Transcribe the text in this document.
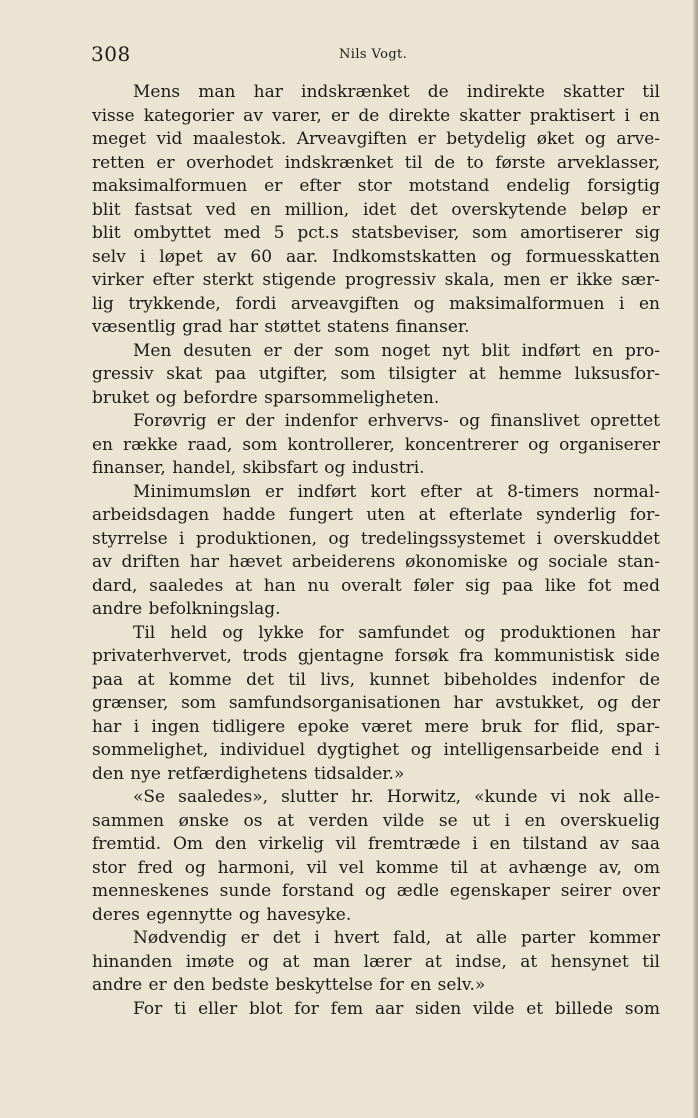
308	Nils Vogt.

Mens man har indskrænket de indirekte skatter til
visse kategorier av varer, er de direkte skatter praktisert i en
meget vid maalestok. Arveavgiften er betydelig øket og arve-
retten er overhodet indskrænket til de to første arveklasser,
maksimalformuen er efter stor motstand endelig forsigtig
blit fastsat ved en million, idet det overskytende beløp er
blit ombyttet med 5 pct.s statsbeviser, som amortiserer sig
selv i løpet av 60 aar. Indkomstskatten og formuesskatten
virker efter sterkt stigende progressiv skala, men er ikke sær-
lig trykkende, fordi arveavgiften og maksimalformuen i en
væsentlig grad har støttet statens finanser.

Men desuten er der som noget nyt blit indført en pro-
gressiv skat paa utgifter, som tilsigter at hemme luksusfor-
bruket og befordre sparsommeligheten.

Forøvrig er der indenfor erhvervs- og finanslivet oprettet
en række raad, som kontrollerer, koncentrerer og organiserer
finanser, handel, skibsfart og industri.

Minimumsløn er indført kort efter at 8-timers normal-
arbeidsdagen hadde fungert uten at efterlate synderlig for-
styrrelse i produktionen, og tredelingssystemet i overskuddet
av driften har hævet arbeiderens økonomiske og sociale stan-
dard, saaledes at han nu overalt føler sig paa like fot med
andre befolkningslag.

Til held og lykke for samfundet og produktionen har
privaterhvervet, trods gjentagne forsøk fra kommunistisk side
paa at komme det til livs, kunnet bibeholdes indenfor de
grænser, som samfundsorganisationen har avstukket, og der
har i ingen tidligere epoke været mere bruk for flid, spar-
sommelighet, individuel dygtighet og intelligensarbeide end i
den nye retfærdighetens tidsalder.»

«Se saaledes», slutter hr. Horwitz, «kunde vi nok alle-
sammen ønske os at verden vilde se ut i en overskuelig
fremtid. Om den virkelig vil fremtræde i en tilstand av saa
stor fred og harmoni, vil vel komme til at avhænge av, om
menneskenes sunde forstand og ædle egenskaper seirer over
deres egennytte og havesyke.

Nødvendig er det i hvert fald, at alle parter kommer
hinanden imøte og at man lærer at indse, at hensynet til
andre er den bedste beskyttelse for en selv.»

For ti eller blot for fem aar siden vilde et billede som
